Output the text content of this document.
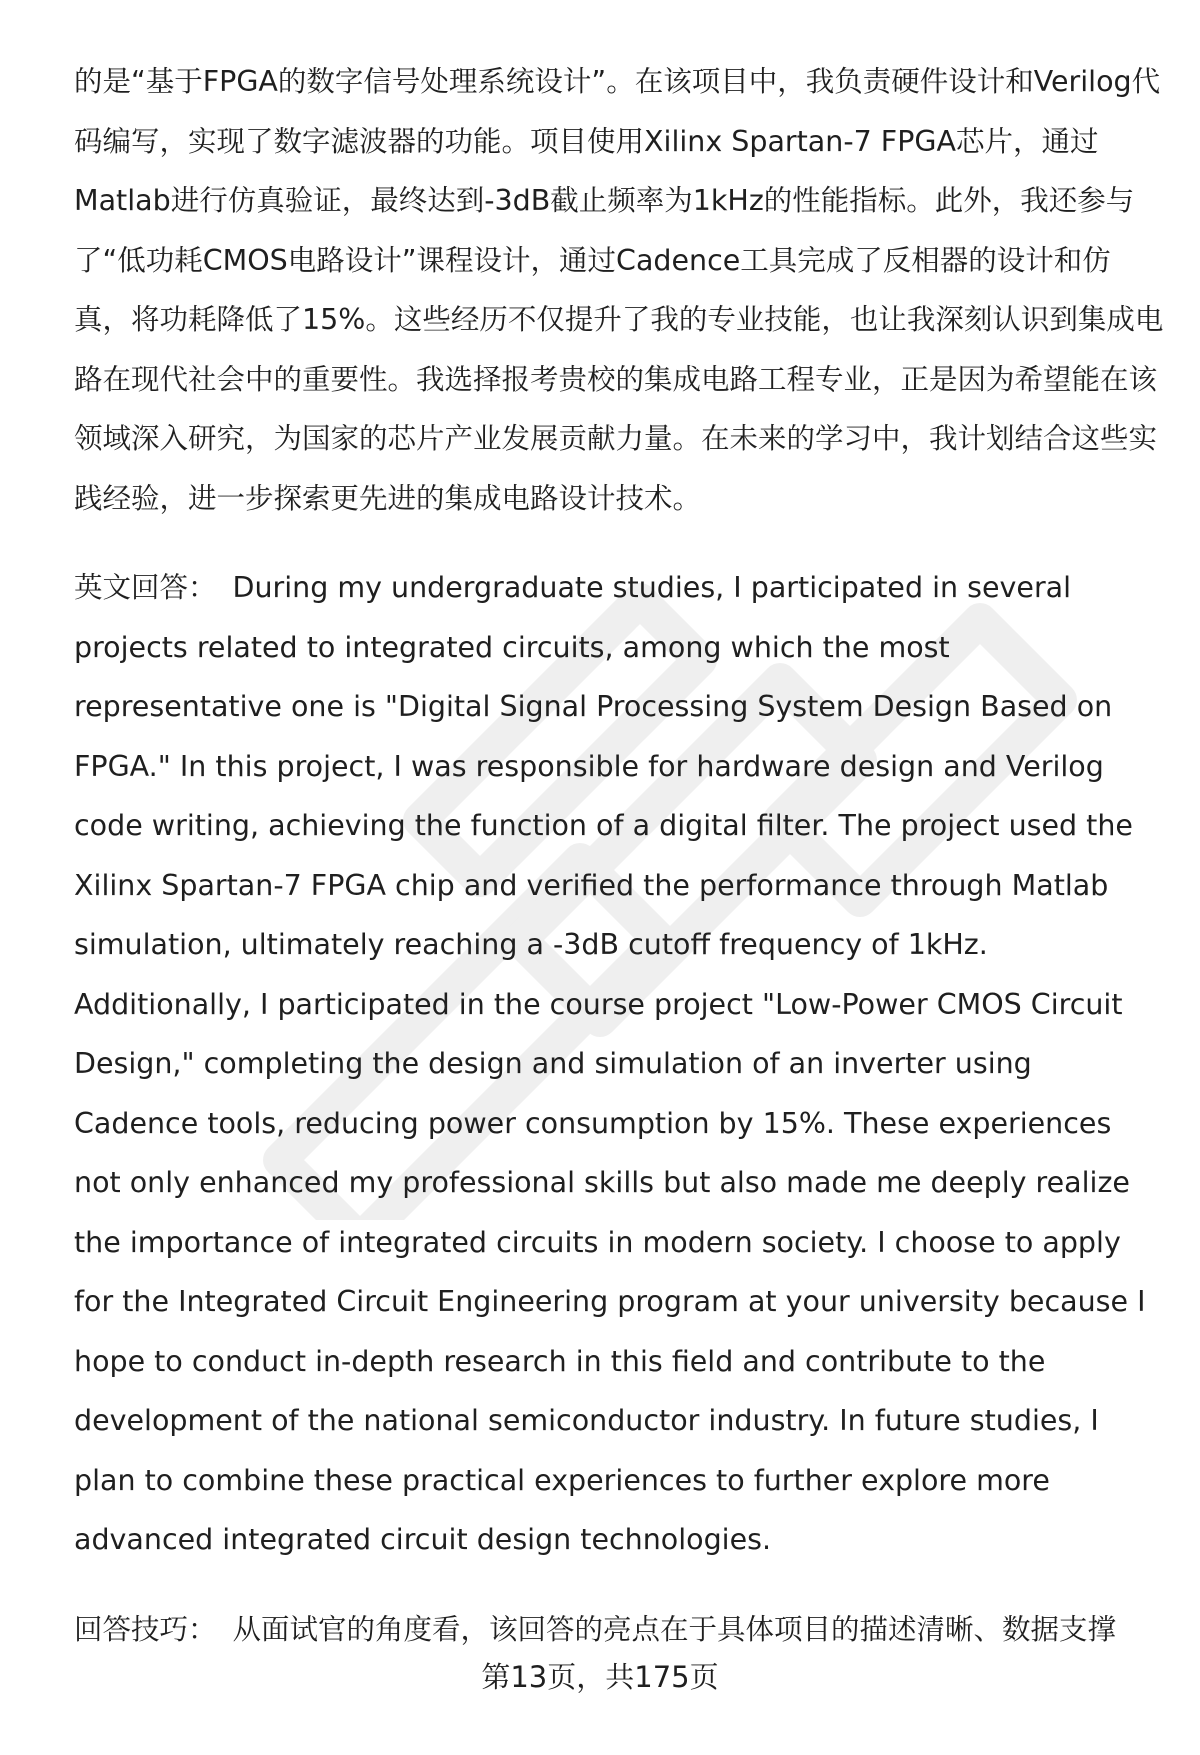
的是“基于FPGA的数字信号处理系统设计”。在该项目中，我负责硬件设计和Verilog代码编写，实现了数字滤波器的功能。项目使用Xilinx Spartan-7 FPGA芯片，通过Matlab进行仿真验证，最终达到-3dB截止频率为1kHz的性能指标。此外，我还参与了“低功耗CMOS电路设计”课程设计，通过Cadence工具完成了反相器的设计和仿真，将功耗降低了15%。这些经历不仅提升了我的专业技能，也让我深刻认识到集成电路在现代社会中的重要性。我选择报考贵校的集成电路工程专业，正是因为希望能在该领域深入研究，为国家的芯片产业发展贡献力量。在未来的学习中，我计划结合这些实践经验，进一步探索更先进的集成电路设计技术。

英文回答： During my undergraduate studies, I participated in several projects related to integrated circuits, among which the most representative one is "Digital Signal Processing System Design Based on FPGA." In this project, I was responsible for hardware design and Verilog code writing, achieving the function of a digital filter. The project used the Xilinx Spartan-7 FPGA chip and verified the performance through Matlab simulation, ultimately reaching a -3dB cutoff frequency of 1kHz. Additionally, I participated in the course project "Low-Power CMOS Circuit Design," completing the design and simulation of an inverter using Cadence tools, reducing power consumption by 15%. These experiences not only enhanced my professional skills but also made me deeply realize the importance of integrated circuits in modern society. I choose to apply for the Integrated Circuit Engineering program at your university because I hope to conduct in-depth research in this field and contribute to the development of the national semiconductor industry. In future studies, I plan to combine these practical experiences to further explore more advanced integrated circuit design technologies.

回答技巧： 从面试官的角度看，该回答的亮点在于具体项目的描述清晰、数据支撑

第13页，共175页
